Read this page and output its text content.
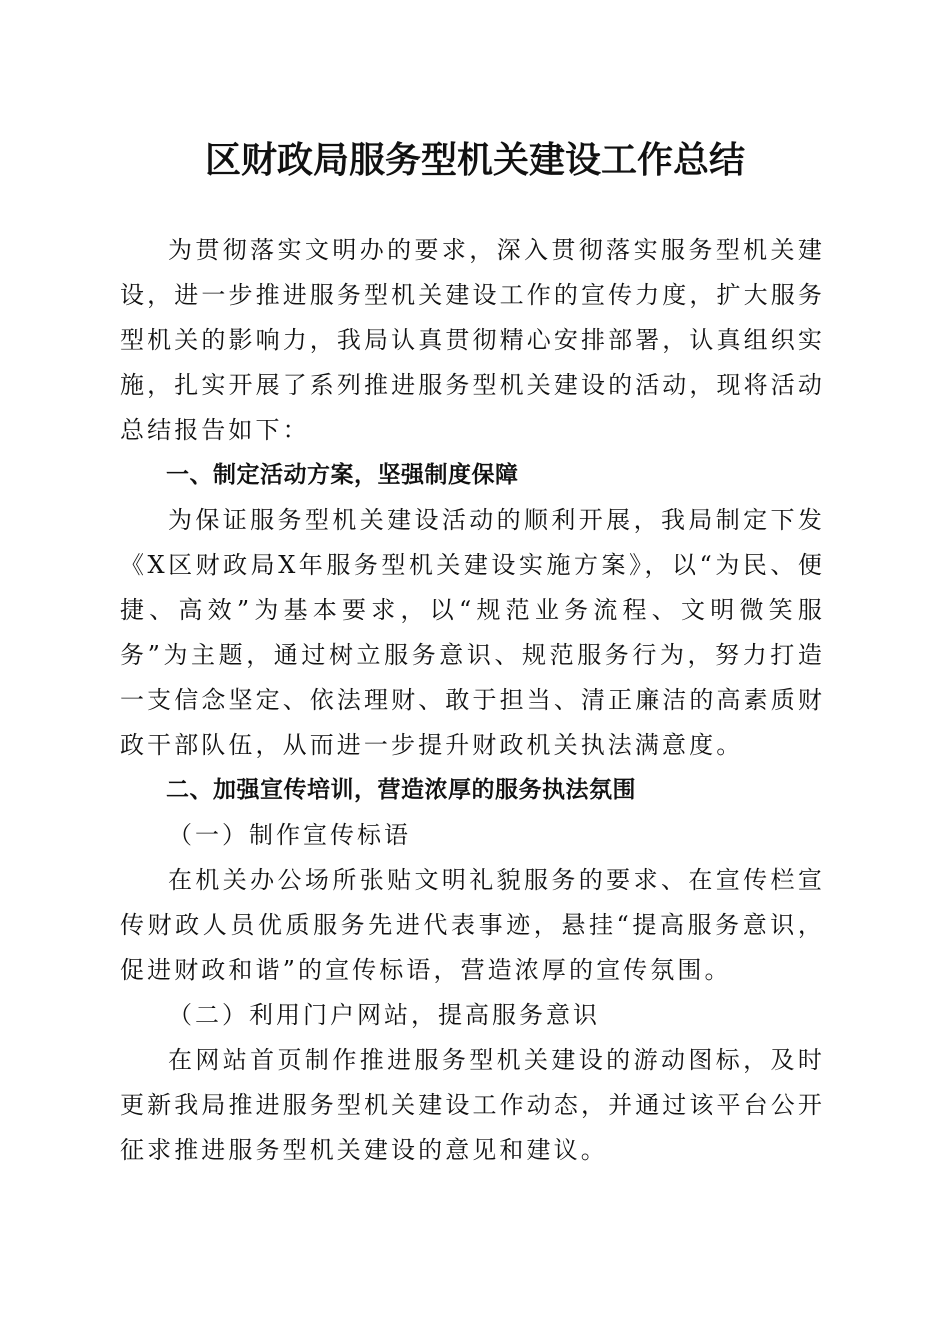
区财政局服务型机关建设工作总结

为贯彻落实文明办的要求，深入贯彻落实服务型机关建设，进一步推进服务型机关建设工作的宣传力度，扩大服务型机关的影响力，我局认真贯彻精心安排部署，认真组织实施，扎实开展了系列推进服务型机关建设的活动，现将活动总结报告如下：

一、制定活动方案，坚强制度保障

为保证服务型机关建设活动的顺利开展，我局制定下发《X区财政局X年服务型机关建设实施方案》，以“为民、便捷、高效”为基本要求，以“规范业务流程、文明微笑服务”为主题，通过树立服务意识、规范服务行为，努力打造一支信念坚定、依法理财、敢于担当、清正廉洁的高素质财政干部队伍，从而进一步提升财政机关执法满意度。

二、加强宣传培训，营造浓厚的服务执法氛围

（一）制作宣传标语

在机关办公场所张贴文明礼貌服务的要求、在宣传栏宣传财政人员优质服务先进代表事迹，悬挂“提高服务意识，促进财政和谐”的宣传标语，营造浓厚的宣传氛围。

（二）利用门户网站，提高服务意识

在网站首页制作推进服务型机关建设的游动图标，及时更新我局推进服务型机关建设工作动态，并通过该平台公开征求推进服务型机关建设的意见和建议。
